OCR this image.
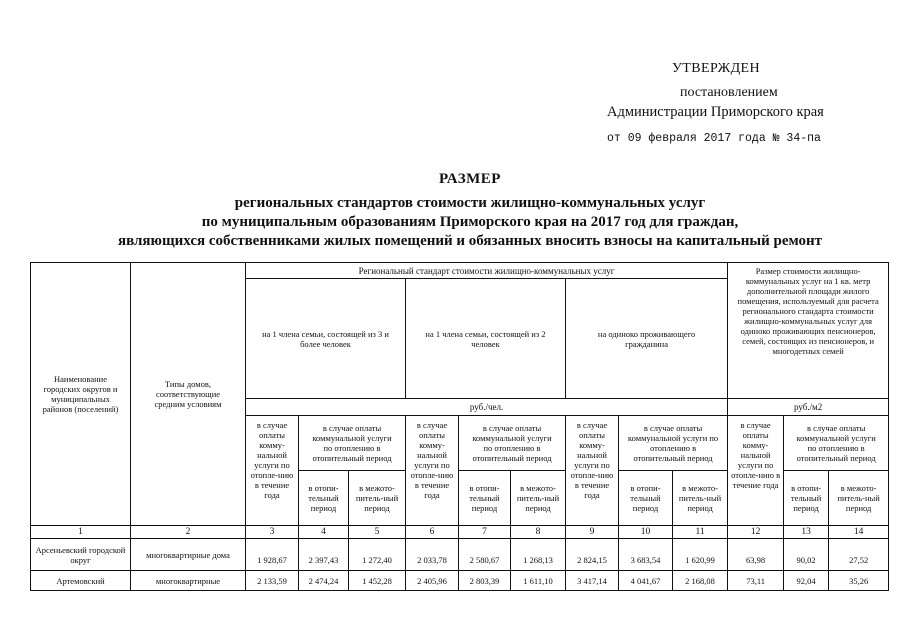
УТВЕРЖДЕН
постановлением
Администрации Приморского края
от 09 февраля 2017 года № 34-па
РАЗМЕР
региональных стандартов стоимости жилищно-коммунальных услуг
по муниципальным образованиям Приморского края на 2017 год для граждан,
являющихся собственниками жилых помещений и обязанных вносить взносы на капитальный ремонт
Наименование городских округов и муниципальных районов (поселений)	Типы домов, соответствующие средним условиям	Региональный стандарт стоимости жилищно-коммунальных услуг									Размер стоимости жилищно-коммунальных услуг на 1 кв. метр дополнительной площади жилого помещения, используемый для расчета регионального стандарта стоимости жилищно-коммунальных услуг для одиноко проживающих пенсионеров, семей, состоящих из пенсионеров, и многодетных семей		
		на 1 члена семьи, состоящей из 3 и более человек			на 1 члена семьи, состоящей из 2 человек			на одиноко проживающего гражданина					
		руб./чел.									руб./м2		
		в случае оплаты комму-нальной услуги по отопле-нию в течение года	в случае оплаты коммунальной услуги по отоплению в отопительный период		в случае оплаты комму-нальной услуги по отопле-нию в течение года	в случае оплаты коммунальной услуги по отоплению в отопительный период		в случае оплаты комму-нальной услуги по отопле-нию в течение года	в случае оплаты коммунальной услуги по отоплению в отопительный период		в случае оплаты комму-нальной услуги по отопле-нию в течение года	в случае оплаты коммунальной услуги по отоплению в отопительный период	
			в отопи-тельный период	в межото-питель-ный период		в отопи-тельный период	в межото-питель-ный период		в отопи-тельный период	в межото-питель-ный период		в отопи-тельный период	в межото-питель-ный период
1	2	3	4	5	6	7	8	9	10	11	12	13	14
Арсеньевский городской округ	многоквартирные дома	1 928,67	2 397,43	1 272,40	2 033,78	2 580,67	1 268,13	2 824,15	3 683,54	1 620,99	63,98	90,02	27,52
Артемовский	многоквартирные	2 133,59	2 474,24	1 452,28	2 405,96	2 803,39	1 611,10	3 417,14	4 041,67	2 168,08	73,11	92,04	35,26
